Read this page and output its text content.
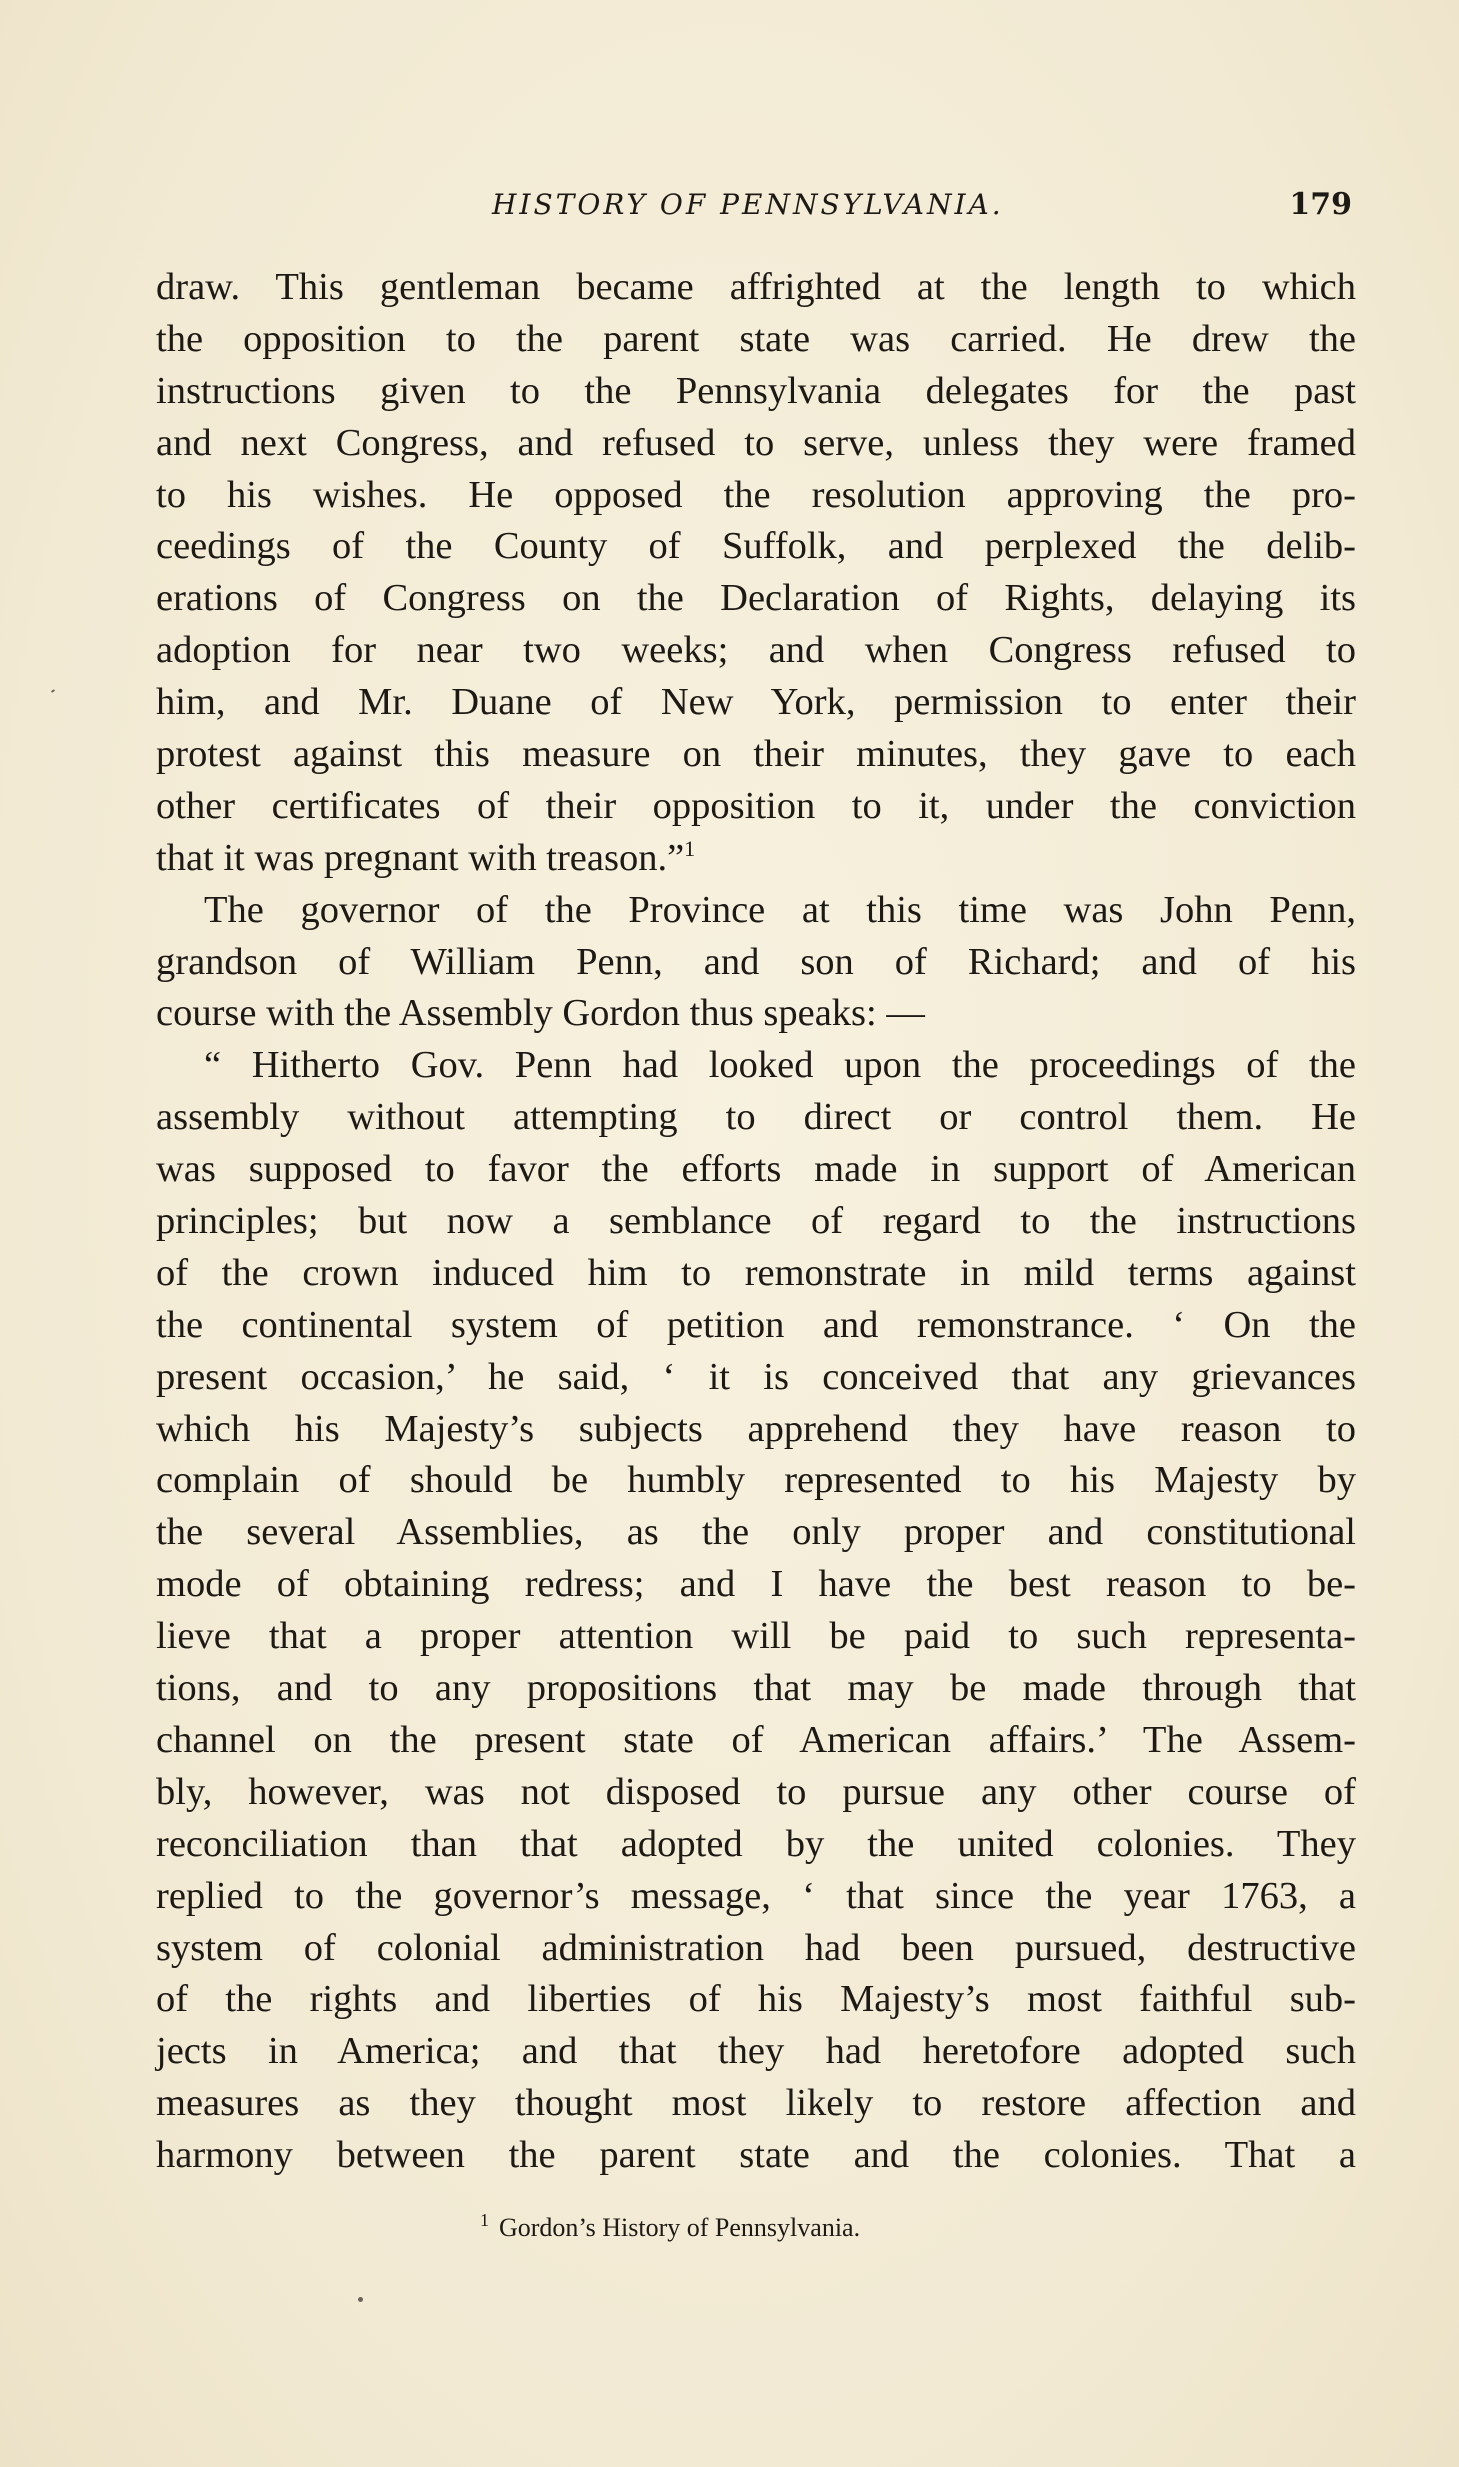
HISTORY OF PENNSYLVANIA.	179
draw. This gentleman became affrighted at the length to which
the opposition to the parent state was carried. He drew the
instructions given to the Pennsylvania delegates for the past
and next Congress, and refused to serve, unless they were framed
to his wishes. He opposed the resolution approving the pro-
ceedings of the County of Suffolk, and perplexed the delib-
erations of Congress on the Declaration of Rights, delaying its
adoption for near two weeks; and when Congress refused to
him, and Mr. Duane of New York, permission to enter their
protest against this measure on their minutes, they gave to each
other certificates of their opposition to it, under the conviction
that it was pregnant with treason.”$^1$
The governor of the Province at this time was John Penn,
grandson of William Penn, and son of Richard; and of his
course with the Assembly Gordon thus speaks: —
“ Hitherto Gov. Penn had looked upon the proceedings of the
assembly without attempting to direct or control them. He
was supposed to favor the efforts made in support of American
principles; but now a semblance of regard to the instructions
of the crown induced him to remonstrate in mild terms against
the continental system of petition and remonstrance. ‘ On the
present occasion,’ he said, ‘ it is conceived that any grievances
which his Majesty’s subjects apprehend they have reason to
complain of should be humbly represented to his Majesty by
the several Assemblies, as the only proper and constitutional
mode of obtaining redress; and I have the best reason to be-
lieve that a proper attention will be paid to such representa-
tions, and to any propositions that may be made through that
channel on the present state of American affairs.’ The Assem-
bly, however, was not disposed to pursue any other course of
reconciliation than that adopted by the united colonies. They
replied to the governor’s message, ‘ that since the year 1763, a
system of colonial administration had been pursued, destructive
of the rights and liberties of his Majesty’s most faithful sub-
jects in America; and that they had heretofore adopted such
measures as they thought most likely to restore affection and
harmony between the parent state and the colonies. That a
$^1$ Gordon’s History of Pennsylvania.
